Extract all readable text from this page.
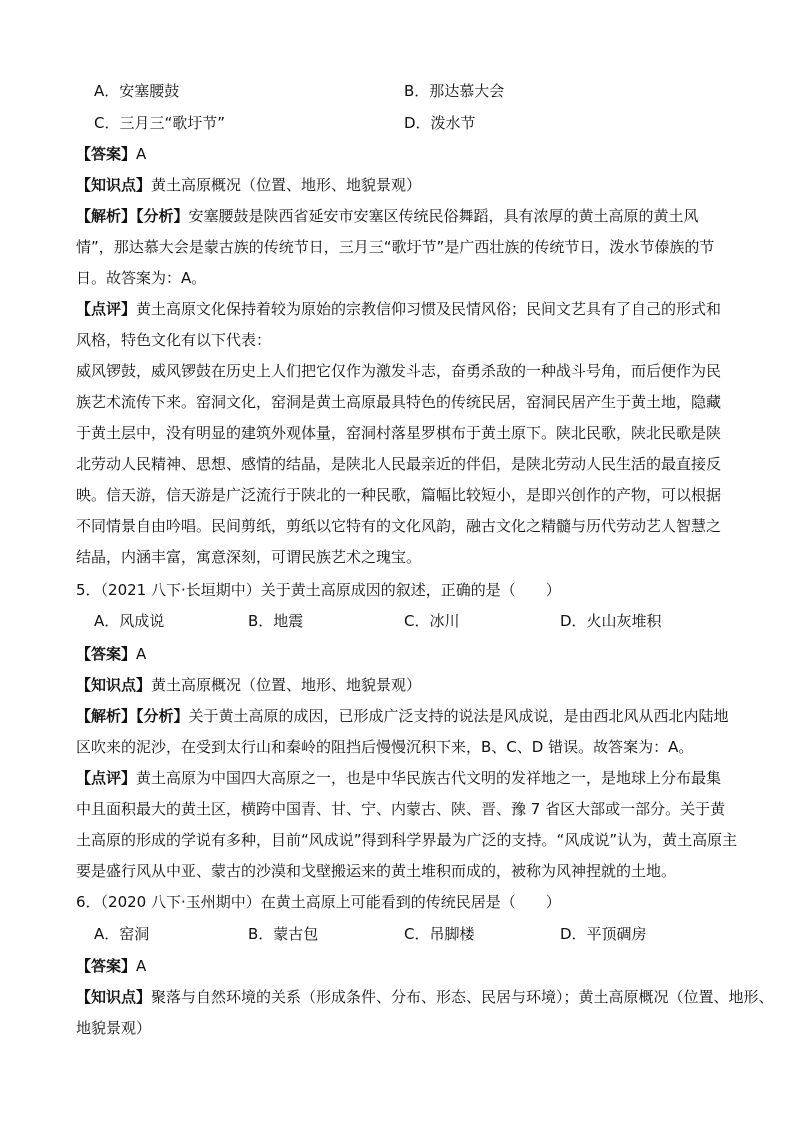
A．安塞腰鼓	B．那达慕大会
C．三月三“歌圩节”	D．泼水节
【答案】A
【知识点】黄土高原概况（位置、地形、地貌景观）
【解析】【分析】安塞腰鼓是陕西省延安市安塞区传统民俗舞蹈，具有浓厚的黄土高原的黄土风
情”，那达慕大会是蒙古族的传统节日，三月三“歌圩节”是广西壮族的传统节日，泼水节傣族的节
日。故答案为：A。
【点评】黄土高原文化保持着较为原始的宗教信仰习惯及民情风俗；民间文艺具有了自己的形式和
风格，特色文化有以下代表：
威风锣鼓，威风锣鼓在历史上人们把它仅作为激发斗志，奋勇杀敌的一种战斗号角，而后便作为民
族艺术流传下来。窑洞文化，窑洞是黄土高原最具特色的传统民居，窑洞民居产生于黄土地，隐藏
于黄土层中，没有明显的建筑外观体量，窑洞村落星罗棋布于黄土原下。陕北民歌，陕北民歌是陕
北劳动人民精神、思想、感情的结晶，是陕北人民最亲近的伴侣，是陕北劳动人民生活的最直接反
映。信天游，信天游是广泛流行于陕北的一种民歌，篇幅比较短小，是即兴创作的产物，可以根据
不同情景自由吟唱。民间剪纸，剪纸以它特有的文化风韵，融古文化之精髓与历代劳动艺人智慧之
结晶，内涵丰富，寓意深刻，可谓民族艺术之瑰宝。
5．（2021 八下·长垣期中）关于黄土高原成因的叙述，正确的是（　　）
A．风成说	B．地震	C．冰川	D．火山灰堆积
【答案】A
【知识点】黄土高原概况（位置、地形、地貌景观）
【解析】【分析】关于黄土高原的成因，已形成广泛支持的说法是风成说，是由西北风从西北内陆地
区吹来的泥沙，在受到太行山和秦岭的阻挡后慢慢沉积下来，B、C、D 错误。故答案为：A。
【点评】黄土高原为中国四大高原之一，也是中华民族古代文明的发祥地之一，是地球上分布最集
中且面积最大的黄土区，横跨中国青、甘、宁、内蒙古、陕、晋、豫 7 省区大部或一部分。关于黄
土高原的形成的学说有多种，目前“风成说”得到科学界最为广泛的支持。“风成说”认为，黄土高原主
要是盛行风从中亚、蒙古的沙漠和戈壁搬运来的黄土堆积而成的，被称为风神捏就的土地。
6．（2020 八下·玉州期中）在黄土高原上可能看到的传统民居是（　　）
A．窑洞	B．蒙古包	C．吊脚楼	D．平顶碉房
【答案】A
【知识点】聚落与自然环境的关系（形成条件、分布、形态、民居与环境）；黄土高原概况（位置、地形、
地貌景观）
